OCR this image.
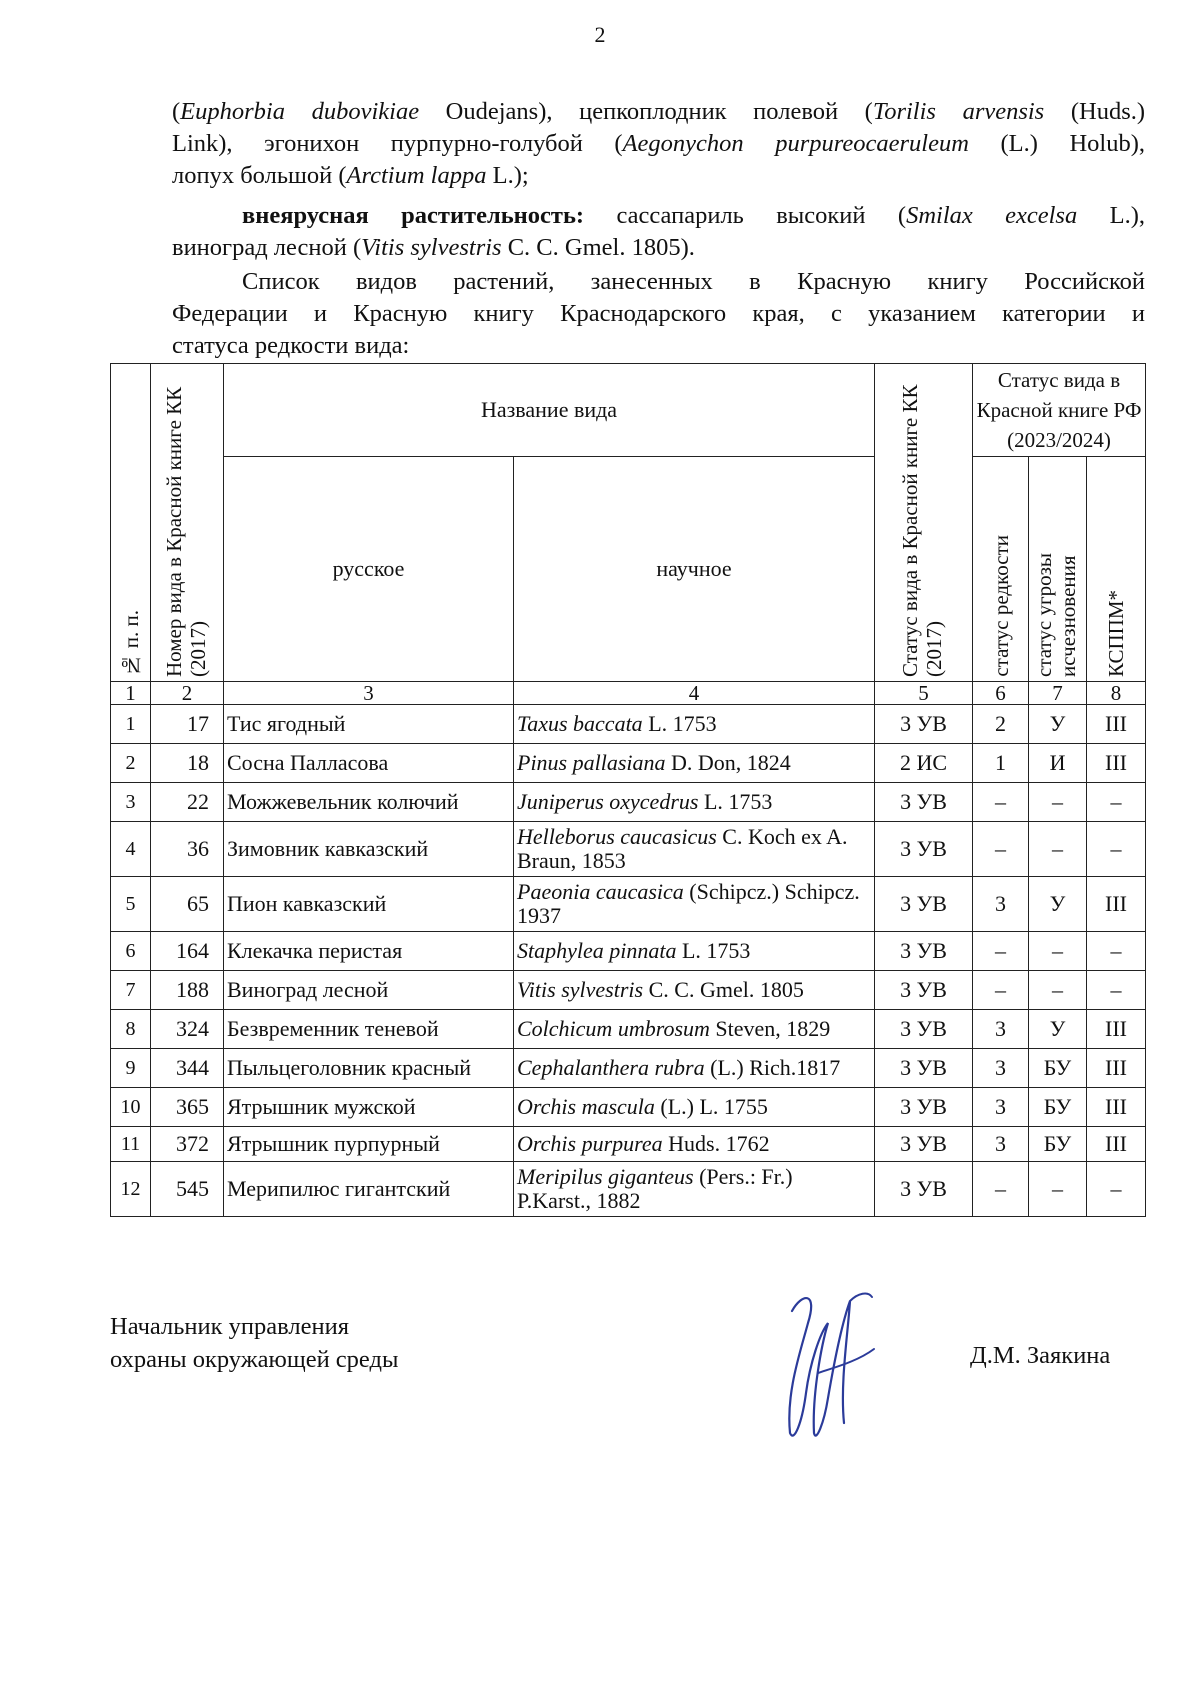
2
(Euphorbia dubovikiae Oudejans), цепкоплодник полевой (Torilis arvensis (Huds.)
Link), эгонихон пурпурно-голубой (Aegonychon purpureocaeruleum (L.) Holub),
лопух большой (Arctium lappa L.);
внеярусная растительность: сассапариль высокий (Smilax excelsa L.),
виноград лесной (Vitis sylvestris C. C. Gmel. 1805).
Список видов растений, занесенных в Красную книгу Российской
Федерации и Красную книгу Краснодарского края, с указанием категории и
статуса редкости вида:
№ п. п.	Номер вида в Красной книге КК (2017)	Название вида		Статус вида в Красной книге КК (2017)	Статус вида в Красной книге РФ (2023/2024)		
		русское	научное		статус редкости	статус угрозы исчезновения	КСППМ*

1	2	3	4	5	6	7	8
1	17	Тис ягодный	Taxus baccata L. 1753	3 УВ	2	У	III
2	18	Сосна Палласова	Pinus pallasiana D. Don, 1824	2 ИС	1	И	III
3	22	Можжевельник колючий	Juniperus oxycedrus L. 1753	3 УВ	–	–	–
4	36	Зимовник кавказский	Helleborus caucasicus C. Koch ex A. Braun, 1853	3 УВ	–	–	–
5	65	Пион кавказский	Paeonia caucasica (Schipcz.) Schipcz. 1937	3 УВ	3	У	III
6	164	Клекачка перистая	Staphylea pinnata L. 1753	3 УВ	–	–	–
7	188	Виноград лесной	Vitis sylvestris C. C. Gmel. 1805	3 УВ	–	–	–
8	324	Безвременник теневой	Colchicum umbrosum Steven, 1829	3 УВ	3	У	III
9	344	Пыльцеголовник красный	Cephalanthera rubra (L.) Rich.1817	3 УВ	3	БУ	III
10	365	Ятрышник мужской	Orchis mascula (L.) L. 1755	3 УВ	3	БУ	III
11	372	Ятрышник пурпурный	Orchis purpurea Huds. 1762	3 УВ	3	БУ	III
12	545	Мерипилюс гигантский	Meripilus giganteus (Pers.: Fr.) P.Karst., 1882	3 УВ	–	–	–
Начальник управления
охраны окружающей среды	Д.М. Заякина
